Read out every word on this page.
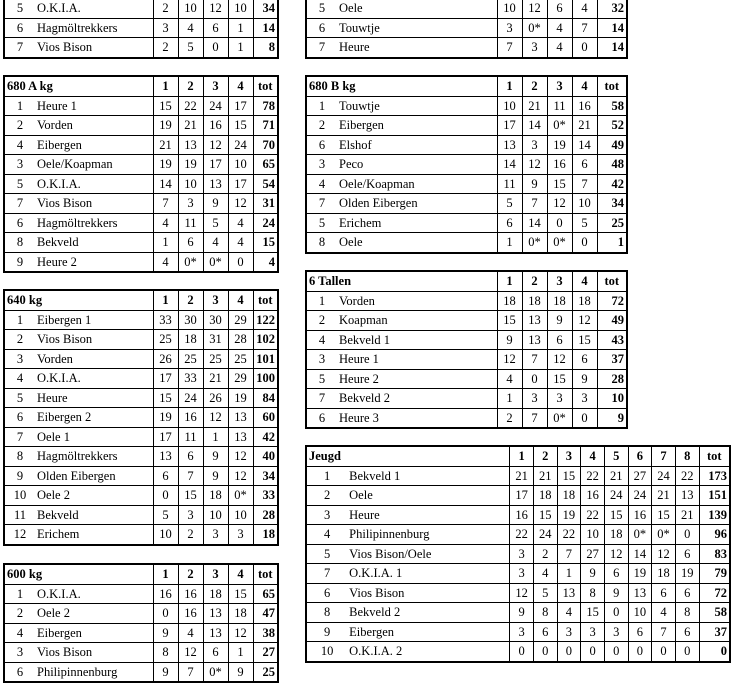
5	O.K.I.A.	2	10	12	10	34
6	Hagmöltrekkers	3	4	6	1	14
7	Vios Bison	2	5	0	1	8
5	Oele	10	12	6	4	32
6	Touwtje	3	0*	4	7	14
7	Heure	7	3	4	0	14
680 A kg		1	2	3	4	tot
1	Heure 1	15	22	24	17	78
2	Vorden	19	21	16	15	71
4	Eibergen	21	13	12	24	70
3	Oele/Koapman	19	19	17	10	65
5	O.K.I.A.	14	10	13	17	54
7	Vios Bison	7	3	9	12	31
6	Hagmöltrekkers	4	11	5	4	24
8	Bekveld	1	6	4	4	15
9	Heure 2	4	0*	0*	0	4
680 B kg		1	2	3	4	tot
1	Touwtje	10	21	11	16	58
2	Eibergen	17	14	0*	21	52
6	Elshof	13	3	19	14	49
3	Peco	14	12	16	6	48
4	Oele/Koapman	11	9	15	7	42
7	Olden Eibergen	5	7	12	10	34
5	Erichem	6	14	0	5	25
8	Oele	1	0*	0*	0	1
6 Tallen		1	2	3	4	tot
1	Vorden	18	18	18	18	72
2	Koapman	15	13	9	12	49
4	Bekveld 1	9	13	6	15	43
3	Heure 1	12	7	12	6	37
5	Heure 2	4	0	15	9	28
7	Bekveld 2	1	3	3	3	10
6	Heure 3	2	7	0*	0	9
640 kg		1	2	3	4	tot
1	Eibergen 1	33	30	30	29	122
2	Vios Bison	25	18	31	28	102
3	Vorden	26	25	25	25	101
4	O.K.I.A.	17	33	21	29	100
5	Heure	15	24	26	19	84
6	Eibergen 2	19	16	12	13	60
7	Oele 1	17	11	1	13	42
8	Hagmöltrekkers	13	6	9	12	40
9	Olden Eibergen	6	7	9	12	34
10	Oele 2	0	15	18	0*	33
11	Bekveld	5	3	10	10	28
12	Erichem	10	2	3	3	18
Jeugd		1	2	3	4	5	6	7	8	tot
1	Bekveld 1	21	21	15	22	21	27	24	22	173
2	Oele	17	18	18	16	24	24	21	13	151
3	Heure	16	15	19	22	15	16	15	21	139
4	Philipinnenburg	22	24	22	10	18	0*	0*	0	96
5	Vios Bison/Oele	3	2	7	27	12	14	12	6	83
7	O.K.I.A. 1	3	4	1	9	6	19	18	19	79
6	Vios Bison	12	5	13	8	9	13	6	6	72
8	Bekveld 2	9	8	4	15	0	10	4	8	58
9	Eibergen	3	6	3	3	3	6	7	6	37
10	O.K.I.A. 2	0	0	0	0	0	0	0	0	0
600 kg		1	2	3	4	tot
1	O.K.I.A.	16	16	18	15	65
2	Oele 2	0	16	13	18	47
4	Eibergen	9	4	13	12	38
3	Vios Bison	8	12	6	1	27
6	Philipinnenburg	9	7	0*	9	25
